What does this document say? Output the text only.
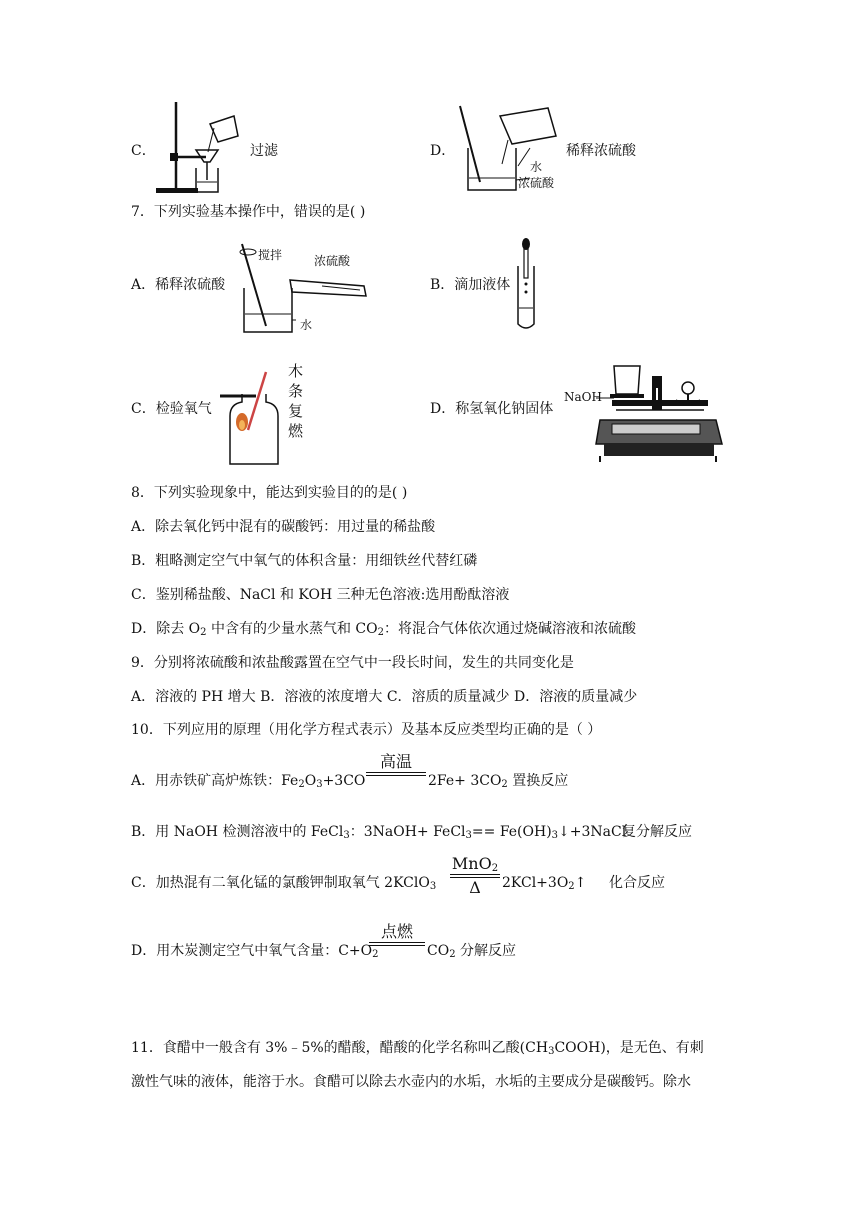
C．	过滤	D．
水
浓硫酸
稀释浓硫酸
7．下列实验基本操作中，错误的是( )
搅拌	浓硫酸
水
A．稀释浓硫酸	B．滴加液体
C．检验氧气
木
条
复
燃
D．称氢氧化钠固体
NaOH
8．下列实验现象中，能达到实验目的的是( )
A．除去氧化钙中混有的碳酸钙：用过量的稀盐酸
B．粗略测定空气中氧气的体积含量：用细铁丝代替红磷
C．鉴别稀盐酸、NaCl 和 KOH 三种无色溶液:选用酚酞溶液
D．除去 $O_2$ 中含有的少量水蒸气和 $CO_2$：将混合气体依次通过烧碱溶液和浓硫酸
9．分别将浓硫酸和浓盐酸露置在空气中一段长时间，发生的共同变化是
A．溶液的 PH 增大 B．溶液的浓度增大 C．溶质的质量减少 D．溶液的质量减少
10．下列应用的原理（用化学方程式表示）及基本反应类型均正确的是（ ）
A．用赤铁矿高炉炼铁：$Fe_2O_3+3CO$
高温
$2Fe+ 3CO_2$ 置换反应
B．用 NaOH 检测溶液中的 FeCl$_3$：3NaOH+ FeCl$_3$== $Fe(OH)_3↓+3NaCl$
复分解反应
C．加热混有二氧化锰的氯酸钾制取氧气 2KClO$_3$
MnO$_2$
Δ	$2KCl+3O_2↑$ 化合反应
D．用木炭测定空气中氧气含量：$C+O_2$
点燃
$CO_2$ 分解反应
11．食醋中一般含有 3%﹣5%的醋酸，醋酸的化学名称叫乙酸$(CH_3COOH)$，是无色、有刺
激性气味的液体，能溶于水。食醋可以除去水壶内的水垢，水垢的主要成分是碳酸钙。除水
